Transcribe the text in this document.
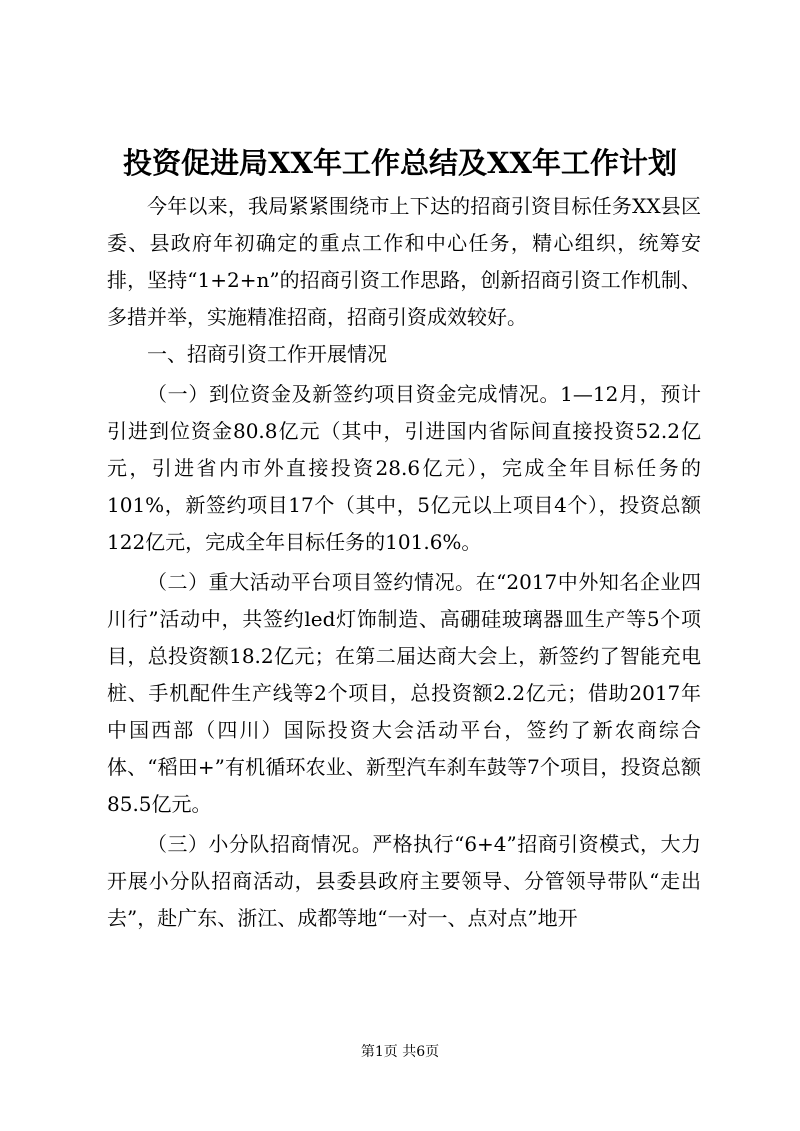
投资促进局XX年工作总结及XX年工作计划

今年以来，我局紧紧围绕市上下达的招商引资目标任务XX县区委、县政府年初确定的重点工作和中心任务，精心组织，统筹安排，坚持“1+2+n”的招商引资工作思路，创新招商引资工作机制、多措并举，实施精准招商，招商引资成效较好。

一、招商引资工作开展情况

（一）到位资金及新签约项目资金完成情况。1—12月，预计引进到位资金80.8亿元（其中，引进国内省际间直接投资52.2亿元，引进省内市外直接投资28.6亿元），完成全年目标任务的101%，新签约项目17个（其中，5亿元以上项目4个），投资总额122亿元，完成全年目标任务的101.6%。

（二）重大活动平台项目签约情况。在“2017中外知名企业四川行”活动中，共签约led灯饰制造、高硼硅玻璃器皿生产等5个项目，总投资额18.2亿元；在第二届达商大会上，新签约了智能充电桩、手机配件生产线等2个项目，总投资额2.2亿元；借助2017年中国西部（四川）国际投资大会活动平台，签约了新农商综合体、“稻田+”有机循环农业、新型汽车刹车鼓等7个项目，投资总额85.5亿元。

（三）小分队招商情况。严格执行“6+4”招商引资模式，大力开展小分队招商活动，县委县政府主要领导、分管领导带队“走出去”，赴广东、浙江、成都等地“一对一、点对点”地开

第1页 共6页
